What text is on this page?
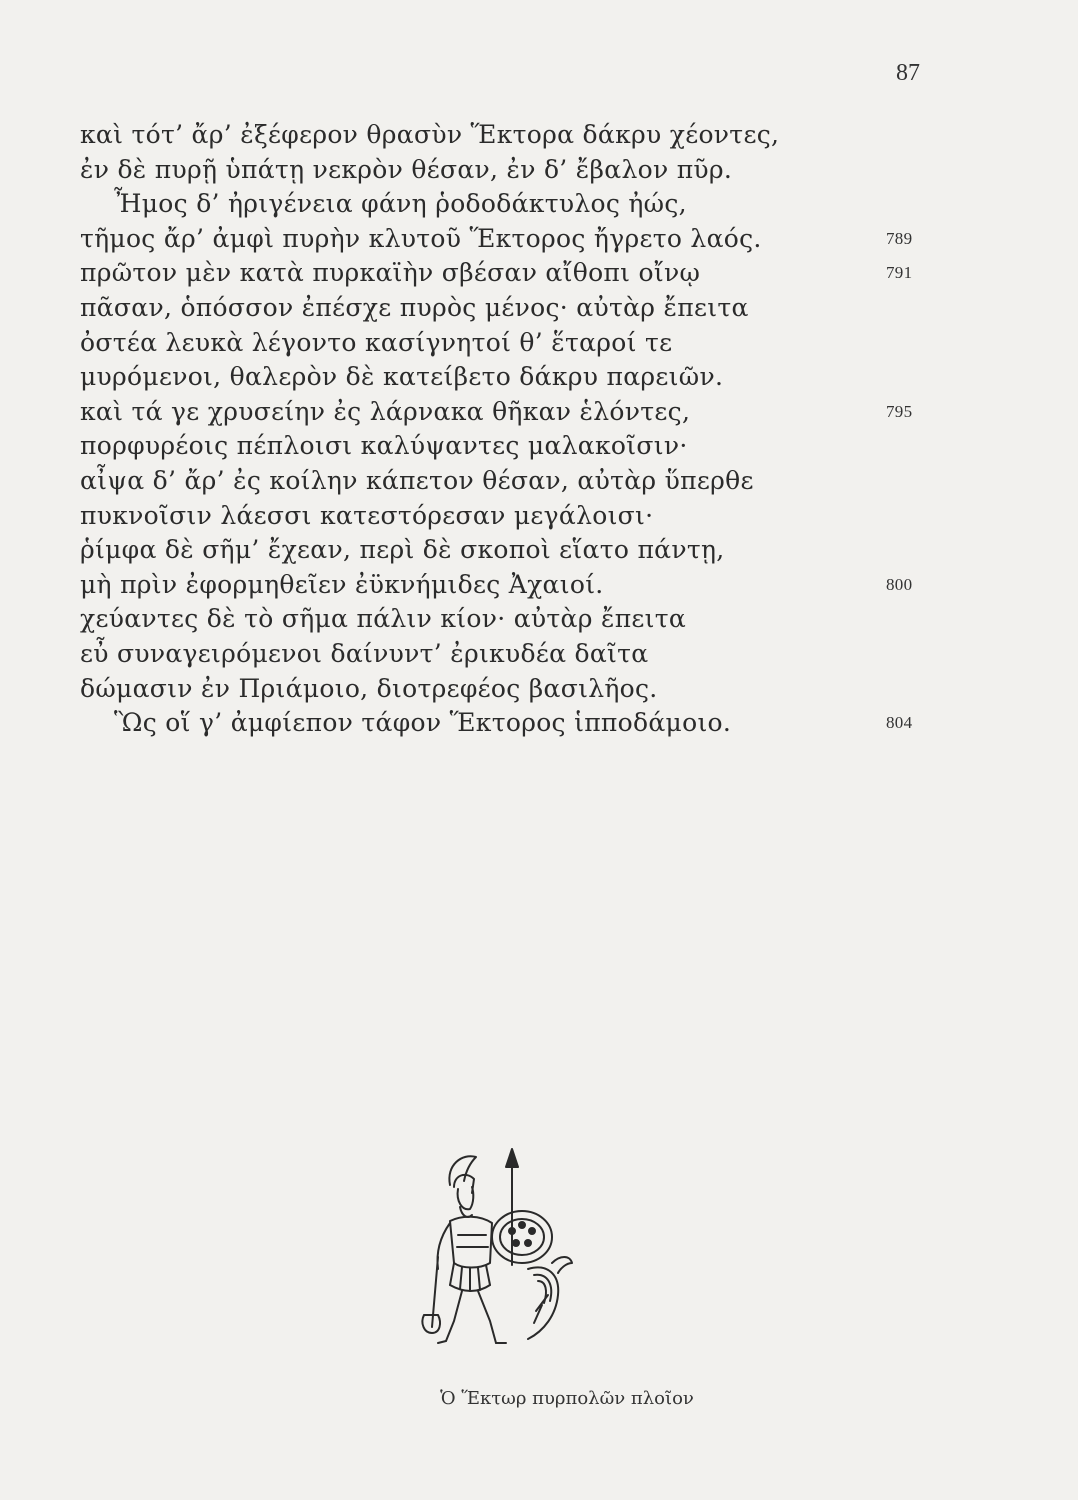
87
καὶ τότ’ ἄρ’ ἐξέφερον θρασὺν Ἕκτορα δάκρυ χέοντες,
ἐν δὲ πυρῇ ὑπάτῃ νεκρὸν θέσαν, ἐν δ’ ἔβαλον πῦρ.
Ἦμος δ’ ἠριγένεια φάνη ῥοδοδάκτυλος ἠώς,
τῆμος ἄρ’ ἀμφὶ πυρὴν κλυτοῦ Ἕκτορος ἤγρετο λαός.	789
πρῶτον μὲν κατὰ πυρκαϊὴν σβέσαν αἴθοπι οἴνῳ	791
πᾶσαν, ὁπόσσον ἐπέσχε πυρὸς μένος· αὐτὰρ ἔπειτα
ὀστέα λευκὰ λέγοντο κασίγνητοί θ’ ἕταροί τε
μυρόμενοι, θαλερὸν δὲ κατείβετο δάκρυ παρειῶν.
καὶ τά γε χρυσείην ἐς λάρνακα θῆκαν ἑλόντες,	795
πορφυρέοις πέπλοισι καλύψαντες μαλακοῖσιν·
αἶψα δ’ ἄρ’ ἐς κοίλην κάπετον θέσαν, αὐτὰρ ὕπερθε
πυκνοῖσιν λάεσσι κατεστόρεσαν μεγάλοισι·
ῥίμφα δὲ σῆμ’ ἔχεαν, περὶ δὲ σκοποὶ εἵατο πάντῃ,
μὴ πρὶν ἐφορμηθεῖεν ἐϋκνήμιδες Ἀχαιοί.	800
χεύαντες δὲ τὸ σῆμα πάλιν κίον· αὐτὰρ ἔπειτα
εὖ συναγειρόμενοι δαίνυντ’ ἐρικυδέα δαῖτα
δώμασιν ἐν Πριάμοιο, διοτρεφέος βασιλῆος.
Ὣς οἵ γ’ ἀμφίεπον τάφον Ἕκτορος ἱπποδάμοιο.	804
Ὁ Ἕκτωρ πυρπολῶν πλοῖον
